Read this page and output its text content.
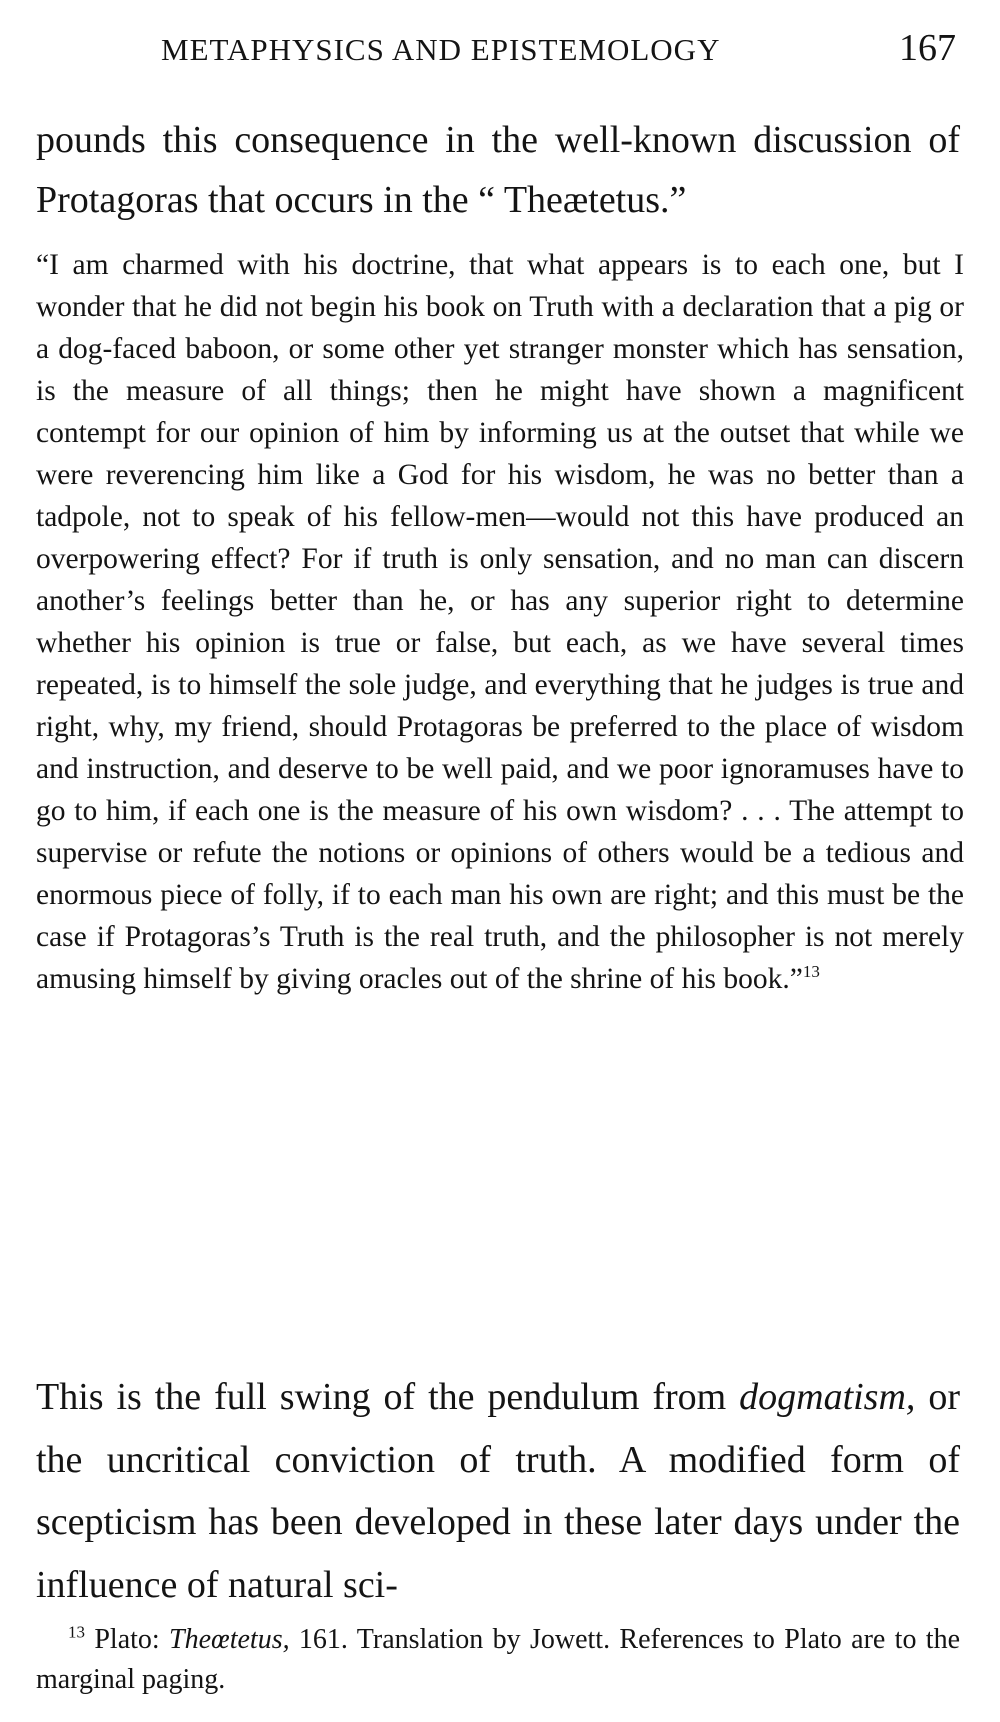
METAPHYSICS AND EPISTEMOLOGY	167

pounds this consequence in the well-known discussion of Protagoras that occurs in the “ Theætetus.”

“I am charmed with his doctrine, that what appears is to each one, but I wonder that he did not begin his book on Truth with a declaration that a pig or a dog-faced baboon, or some other yet stranger monster which has sensation, is the measure of all things; then he might have shown a magnificent contempt for our opinion of him by informing us at the outset that while we were reverencing him like a God for his wisdom, he was no better than a tadpole, not to speak of his fellow-men—would not this have produced an overpowering effect? For if truth is only sensation, and no man can discern another’s feelings better than he, or has any superior right to determine whether his opinion is true or false, but each, as we have several times repeated, is to himself the sole judge, and everything that he judges is true and right, why, my friend, should Protagoras be preferred to the place of wisdom and instruction, and deserve to be well paid, and we poor ignoramuses have to go to him, if each one is the measure of his own wisdom? . . . The attempt to supervise or refute the notions or opinions of others would be a tedious and enormous piece of folly, if to each man his own are right; and this must be the case if Protagoras’s Truth is the real truth, and the philosopher is not merely amusing himself by giving oracles out of the shrine of his book.”$^{13}$

This is the full swing of the pendulum from dogmatism, or the uncritical conviction of truth. A modified form of scepticism has been developed in these later days under the influence of natural sci-

$^{13}$ Plato: Theœtetus, 161. Translation by Jowett. References to Plato are to the marginal paging.
